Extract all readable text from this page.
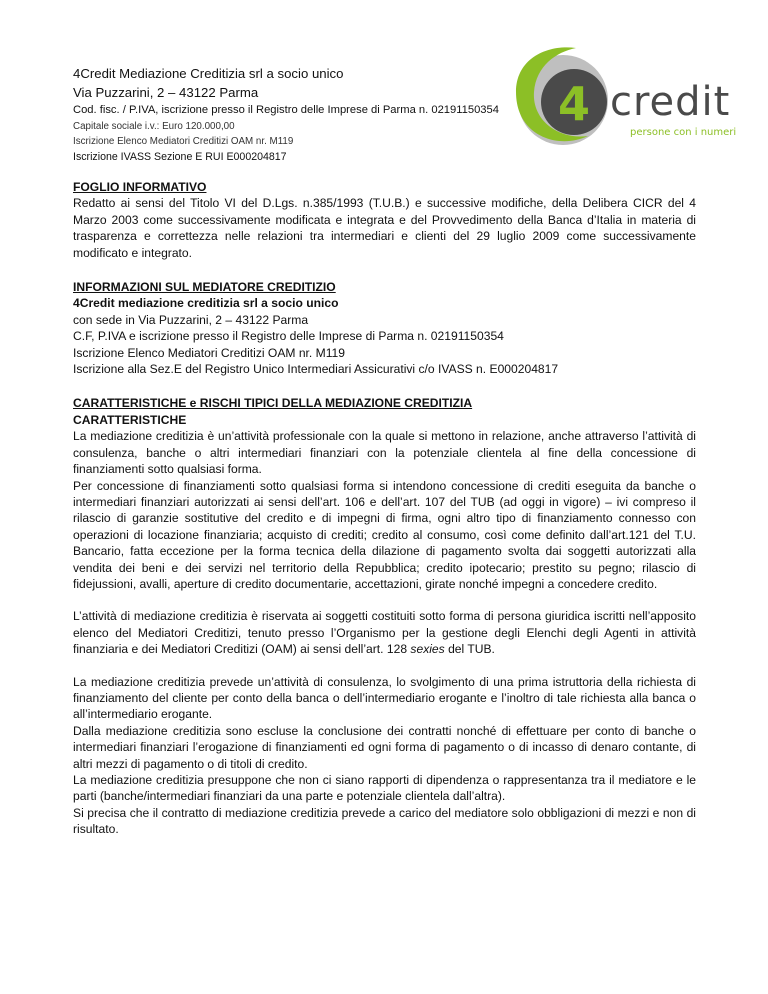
4Credit Mediazione Creditizia srl a socio unico

Via Puzzarini, 2 – 43122 Parma

Cod. fisc. / P.IVA, iscrizione presso il Registro delle Imprese di Parma n. 02191150354

Capitale sociale i.v.: Euro 120.000,00

Iscrizione Elenco Mediatori Creditizi OAM nr. M119

Iscrizione IVASS Sezione E RUI E000204817

4 credit
persone con i numeri

FOGLIO INFORMATIVO

Redatto ai sensi del Titolo VI del D.Lgs. n.385/1993 (T.U.B.) e successive modifiche, della Delibera CICR del 4 Marzo 2003 come successivamente modificata e integrata e del Provvedimento della Banca d’Italia in materia di trasparenza e correttezza nelle relazioni tra intermediari e clienti del 29 luglio 2009 come successivamente modificato e integrato.

INFORMAZIONI SUL MEDIATORE CREDITIZIO

4Credit mediazione creditizia srl a socio unico

con sede in Via Puzzarini, 2 – 43122 Parma

C.F, P.IVA e iscrizione presso il Registro delle Imprese di Parma n. 02191150354

Iscrizione Elenco Mediatori Creditizi OAM nr. M119

Iscrizione alla Sez.E del Registro Unico Intermediari Assicurativi c/o IVASS n. E000204817

CARATTERISTICHE e RISCHI TIPICI DELLA MEDIAZIONE CREDITIZIA

CARATTERISTICHE

La mediazione creditizia è un’attività professionale con la quale si mettono in relazione, anche attraverso l’attività di consulenza, banche o altri intermediari finanziari con la potenziale clientela al fine della concessione di finanziamenti sotto qualsiasi forma.

Per concessione di finanziamenti sotto qualsiasi forma si intendono concessione di crediti eseguita da banche o intermediari finanziari autorizzati ai sensi dell’art. 106 e dell’art. 107 del TUB (ad oggi in vigore) – ivi compreso il rilascio di garanzie sostitutive del credito e di impegni di firma, ogni altro tipo di finanziamento connesso con operazioni di locazione finanziaria; acquisto di crediti; credito al consumo, così come definito dall’art.121 del T.U. Bancario, fatta eccezione per la forma tecnica della dilazione di pagamento svolta dai soggetti autorizzati alla vendita dei beni e dei servizi nel territorio della Repubblica; credito ipotecario; prestito su pegno; rilascio di fidejussioni, avalli, aperture di credito documentarie, accettazioni, girate nonché impegni a concedere credito.

L’attività di mediazione creditizia è riservata ai soggetti costituiti sotto forma di persona giuridica iscritti nell’apposito elenco del Mediatori Creditizi, tenuto presso l’Organismo per la gestione degli Elenchi degli Agenti in attività finanziaria e dei Mediatori Creditizi (OAM) ai sensi dell’art. 128 sexies del TUB.

La mediazione creditizia prevede un’attività di consulenza, lo svolgimento di una prima istruttoria della richiesta di finanziamento del cliente per conto della banca o dell’intermediario erogante e l’inoltro di tale richiesta alla banca o all’intermediario erogante.

Dalla mediazione creditizia sono escluse la conclusione dei contratti nonché di effettuare per conto di banche o intermediari finanziari l’erogazione di finanziamenti ed ogni forma di pagamento o di incasso di denaro contante, di altri mezzi di pagamento o di titoli di credito.

La mediazione creditizia presuppone che non ci siano rapporti di dipendenza o rappresentanza tra il mediatore e le parti (banche/intermediari finanziari da una parte e potenziale clientela dall’altra).

Si precisa che il contratto di mediazione creditizia prevede a carico del mediatore solo obbligazioni di mezzi e non di risultato.
